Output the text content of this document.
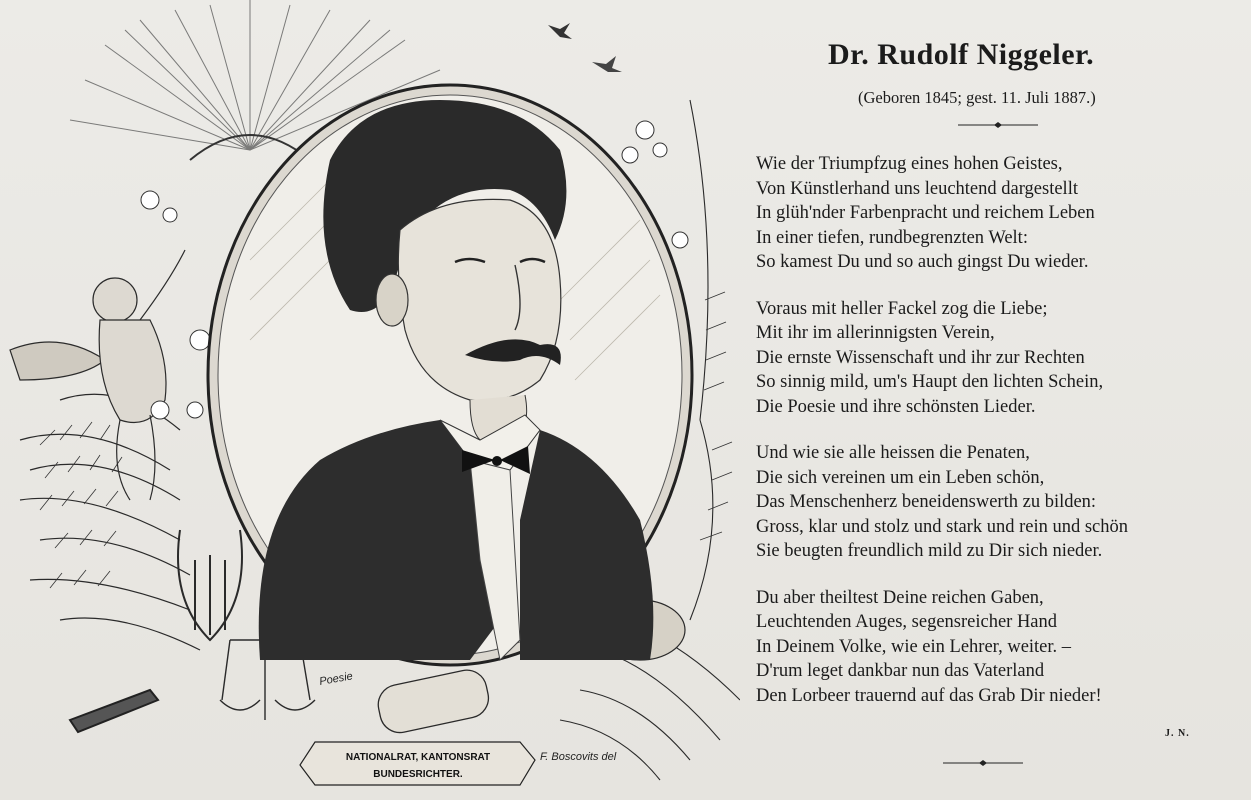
Poesie
NATIONALRAT, KANTONSRAT
BUNDESRICHTER.
F. Boscovits del
Dr. Rudolf Niggeler.
(Geboren 1845; gest. 11. Juli 1887.)
Wie der Triumpfzug eines hohen Geistes,
Von Künstlerhand uns leuchtend dargestellt
In glüh'nder Farbenpracht und reichem Leben
In einer tiefen, rundbegrenzten Welt:
So kamest Du und so auch gingst Du wieder.
Voraus mit heller Fackel zog die Liebe;
Mit ihr im allerinnigsten Verein,
Die ernste Wissenschaft und ihr zur Rechten
So sinnig mild, um's Haupt den lichten Schein,
Die Poesie und ihre schönsten Lieder.
Und wie sie alle heissen die Penaten,
Die sich vereinen um ein Leben schön,
Das Menschenherz beneidenswerth zu bilden:
Gross, klar und stolz und stark und rein und schön
Sie beugten freundlich mild zu Dir sich nieder.
Du aber theiltest Deine reichen Gaben,
Leuchtenden Auges, segensreicher Hand
In Deinem Volke, wie ein Lehrer, weiter. –
D'rum leget dankbar nun das Vaterland
Den Lorbeer trauernd auf das Grab Dir nieder!
J. N.
